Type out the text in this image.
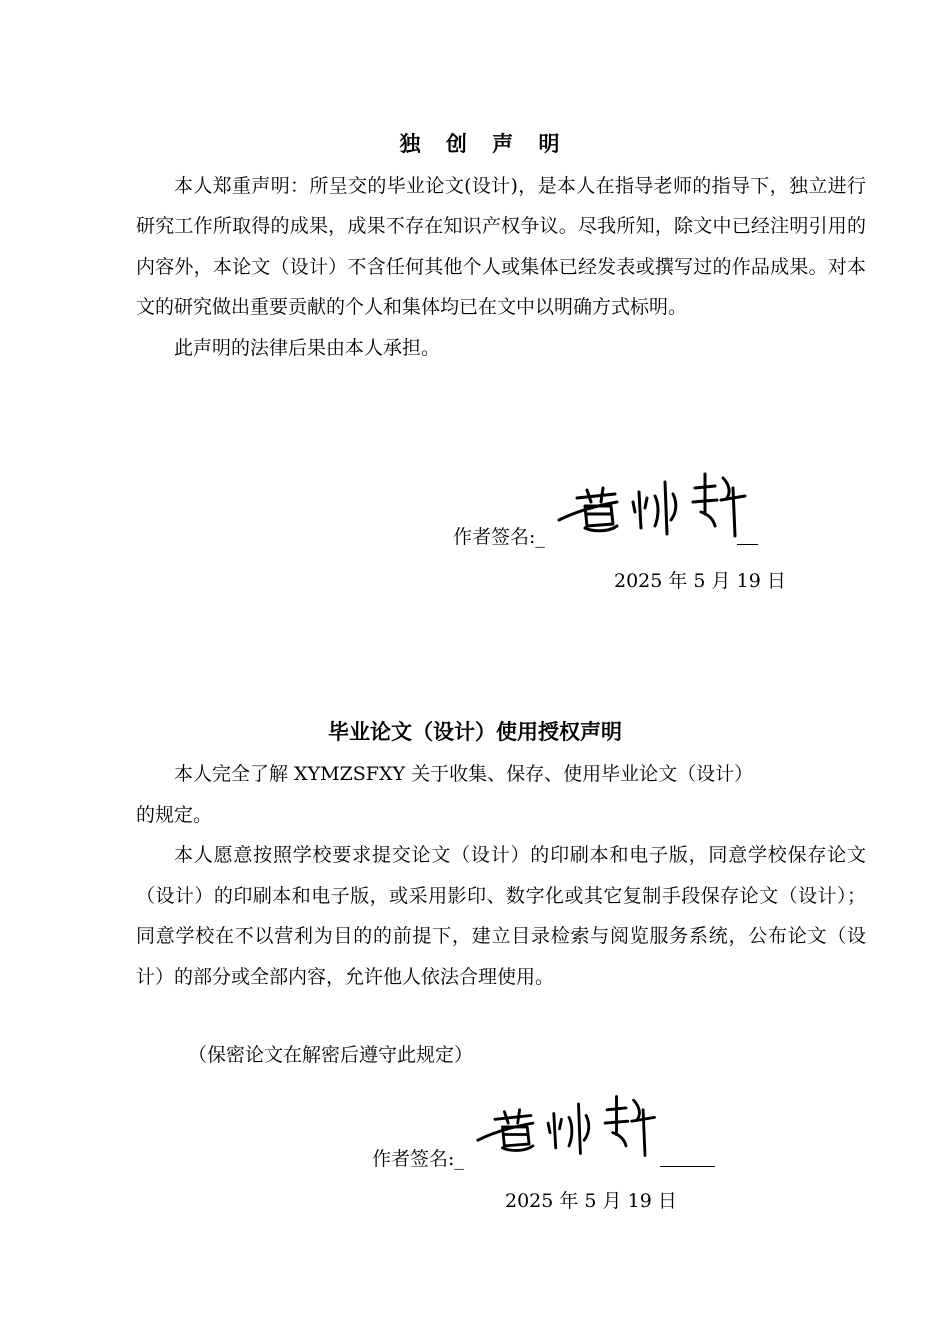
独 创 声 明

本人郑重声明：所呈交的毕业论文(设计)，是本人在指导老师的指导下，独立进行研究工作所取得的成果，成果不存在知识产权争议。尽我所知，除文中已经注明引用的内容外，本论文（设计）不含任何其他个人或集体已经发表或撰写过的作品成果。对本文的研究做出重要贡献的个人和集体均已在文中以明确方式标明。

此声明的法律后果由本人承担。

作者签名:_
2025 年 5 月 19 日
毕业论文（设计）使用授权声明

本人完全了解 XYMZSFXY 关于收集、保存、使用毕业论文（设计）

的规定。

本人愿意按照学校要求提交论文（设计）的印刷本和电子版，同意学校保存论文（设计）的印刷本和电子版，或采用影印、数字化或其它复制手段保存论文（设计）；同意学校在不以营利为目的的前提下，建立目录检索与阅览服务系统，公布论文（设计）的部分或全部内容，允许他人依法合理使用。

（保密论文在解密后遵守此规定）
作者签名:_
2025 年 5 月 19 日
